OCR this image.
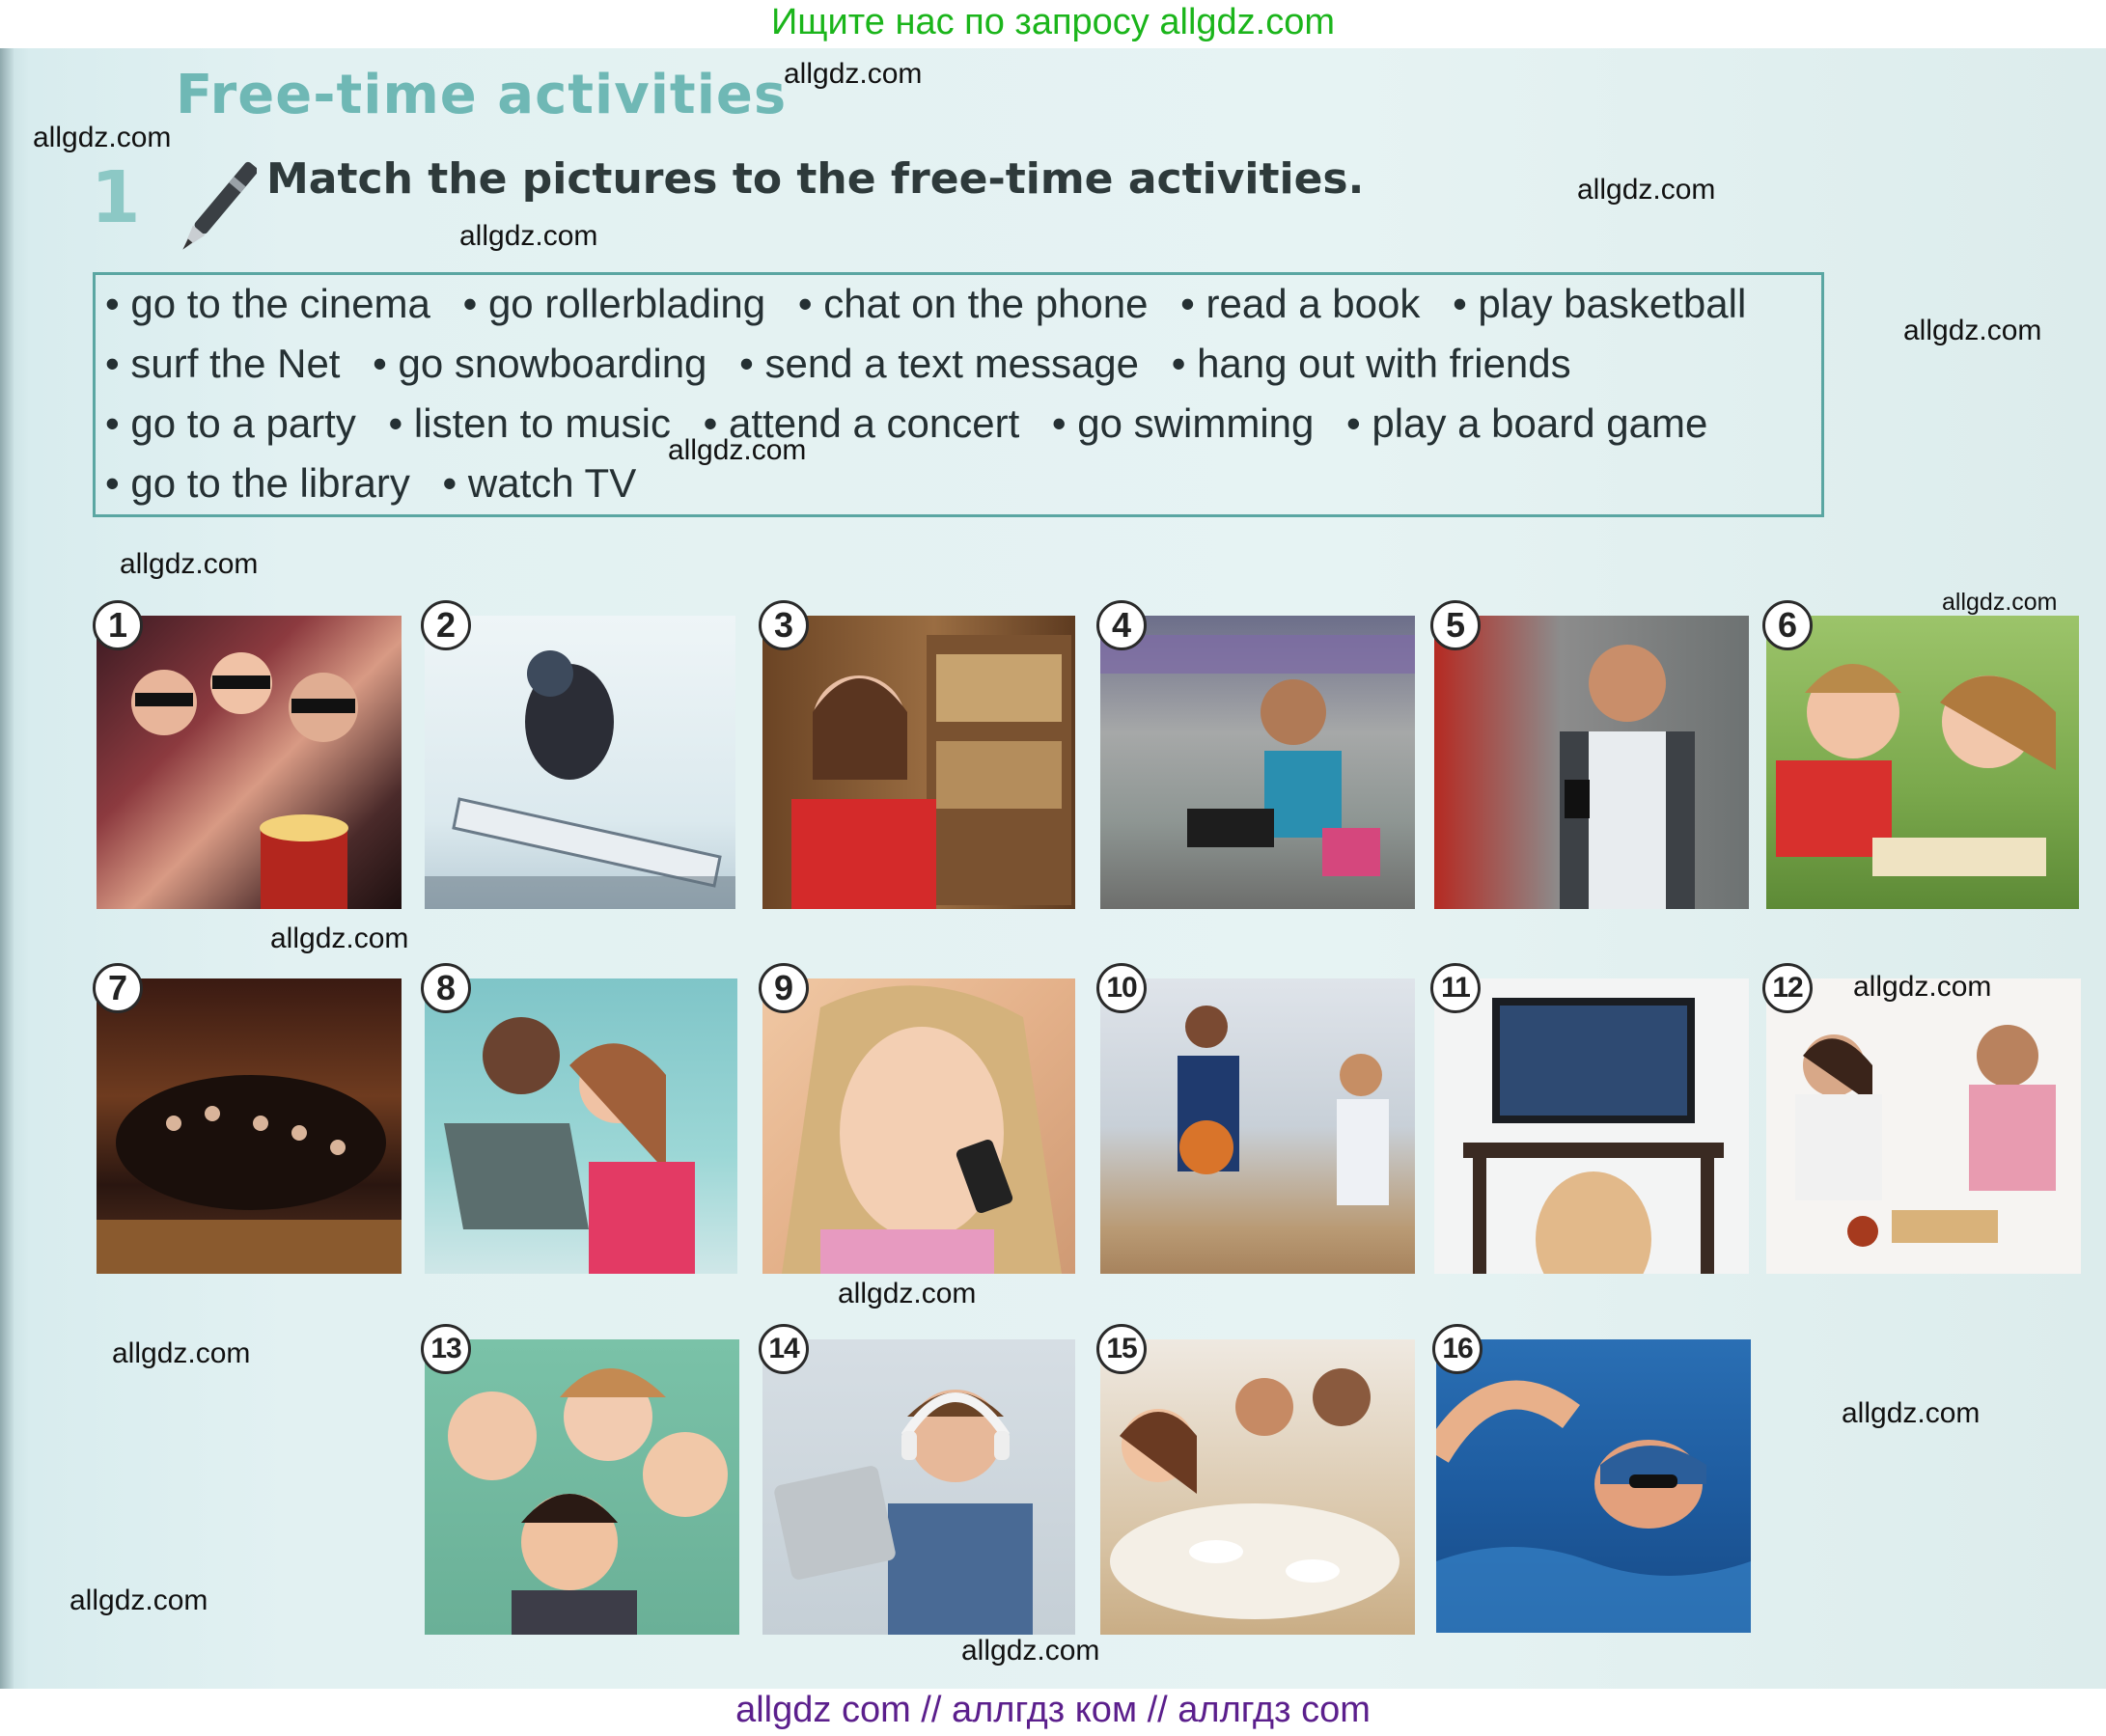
Ищите нас по запросу allgdz.com
Free-time activities
1	Match the pictures to the free-time activities.
• go to the cinema • go rollerblading • chat on the phone • read a book • play basketball
• surf the Net • go snowboarding • send a text message • hang out with friends
• go to a party • listen to music • attend a concert • go swimming • play a board game
• go to the library • watch TV
1	2	3	4	5	6
7	8	9	10	11	12
13	14	15	16
allgdz.com
allgdz.com
allgdz.com
allgdz.com
allgdz.com
allgdz.com
allgdz.com
allgdz.com
allgdz.com
allgdz.com
allgdz.com
allgdz.com
allgdz.com
allgdz.com
allgdz.com
allgdz com // аллгдз ком // аллгдз com
